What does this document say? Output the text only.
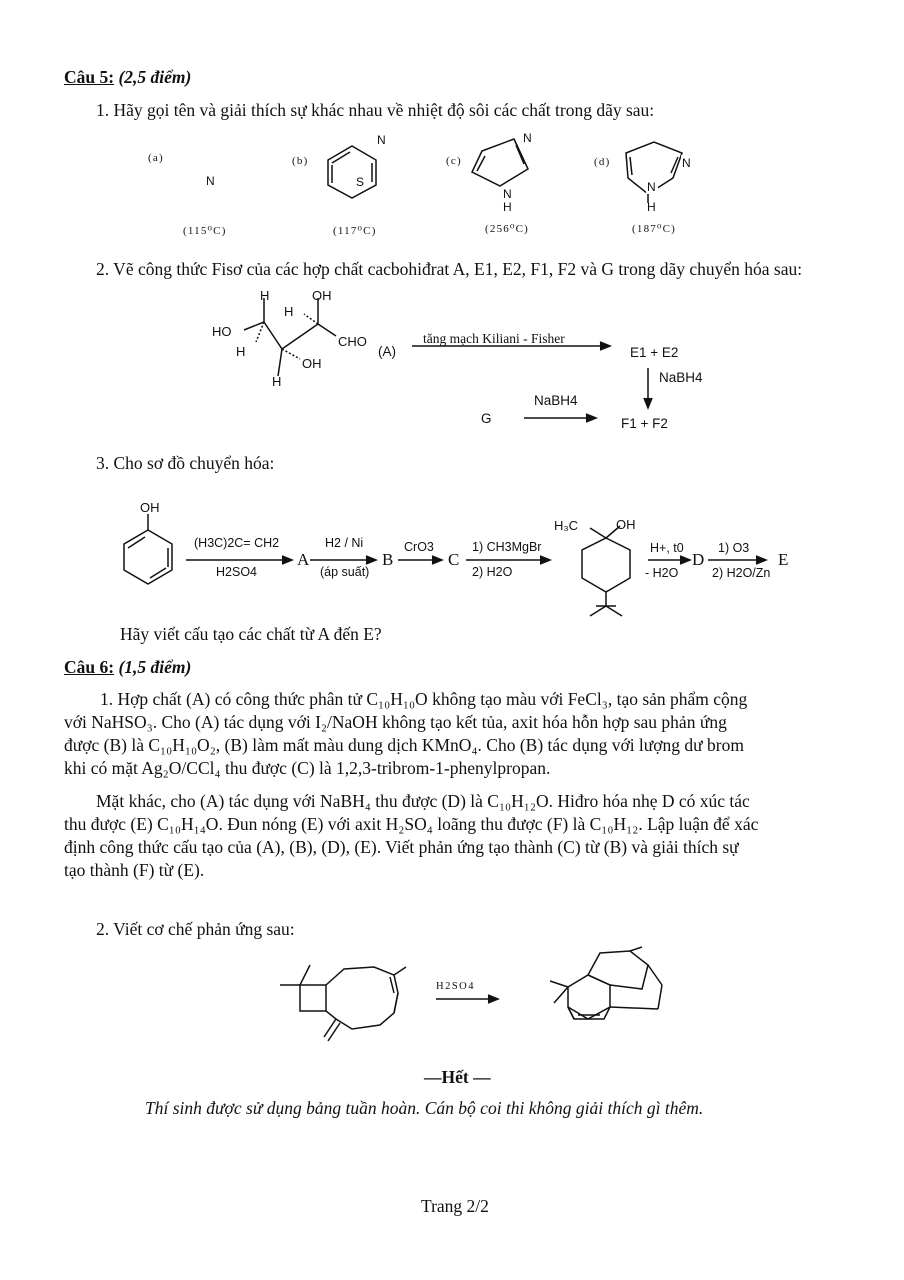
Câu 5: (2,5 điểm)
1. Hãy gọi tên và giải thích sự khác nhau về nhiệt độ sôi các chất trong dãy sau:
N
N
S
N
N
H
N
N
H
(a)	(b)	(c)	(d)
(115⁰C)	(117⁰C)	(256⁰C)	(187⁰C)
2. Vẽ công thức Fisơ của các hợp chất cacbohiđrat A, E1, E2, F1, F2 và G trong dãy chuyển hóa sau:
H	OH
H
HO
H
OH
H
CHO
(A)
tăng mạch Kiliani - Fisher
E1 + E2
NaBH4
NaBH4
G	F1 + F2
3. Cho sơ đồ chuyển hóa:
OH
H₃C	OH
(H3C)2C= CH2
H2SO4
A
H2 / Ni
(áp suất)
B
CrO3
C
1) CH3MgBr
2) H2O
H+, t0
- H2O
D
1) O3
2) H2O/Zn
E
Hãy viết cấu tạo các chất từ A đến E?
Câu 6: (1,5 điểm)
1. Hợp chất (A) có công thức phân tử C₁₀H₁₀O không tạo màu với FeCl₃, tạo sản phẩm cộng
với NaHSO₃. Cho (A) tác dụng với I₂/NaOH không tạo kết tủa, axit hóa hỗn hợp sau phản ứng
được (B) là C₁₀H₁₀O₂, (B) làm mất màu dung dịch KMnO₄. Cho (B) tác dụng với lượng dư brom
khi có mặt Ag₂O/CCl₄ thu được (C) là 1,2,3-tribrom-1-phenylpropan.
Mặt khác, cho (A) tác dụng với NaBH₄ thu được (D) là C₁₀H₁₂O. Hiđro hóa nhẹ D có xúc tác
thu được (E) C₁₀H₁₄O. Đun nóng (E) với axit H₂SO₄ loãng thu được (F) là C₁₀H₁₂. Lập luận để xác
định công thức cấu tạo của (A), (B), (D), (E). Viết phản ứng tạo thành (C) từ (B) và giải thích sự
tạo thành (F) từ (E).
2. Viết cơ chế phản ứng sau:
H2SO4
—Hết —
Thí sinh được sử dụng bảng tuần hoàn. Cán bộ coi thi không giải thích gì thêm.
Trang 2/2
